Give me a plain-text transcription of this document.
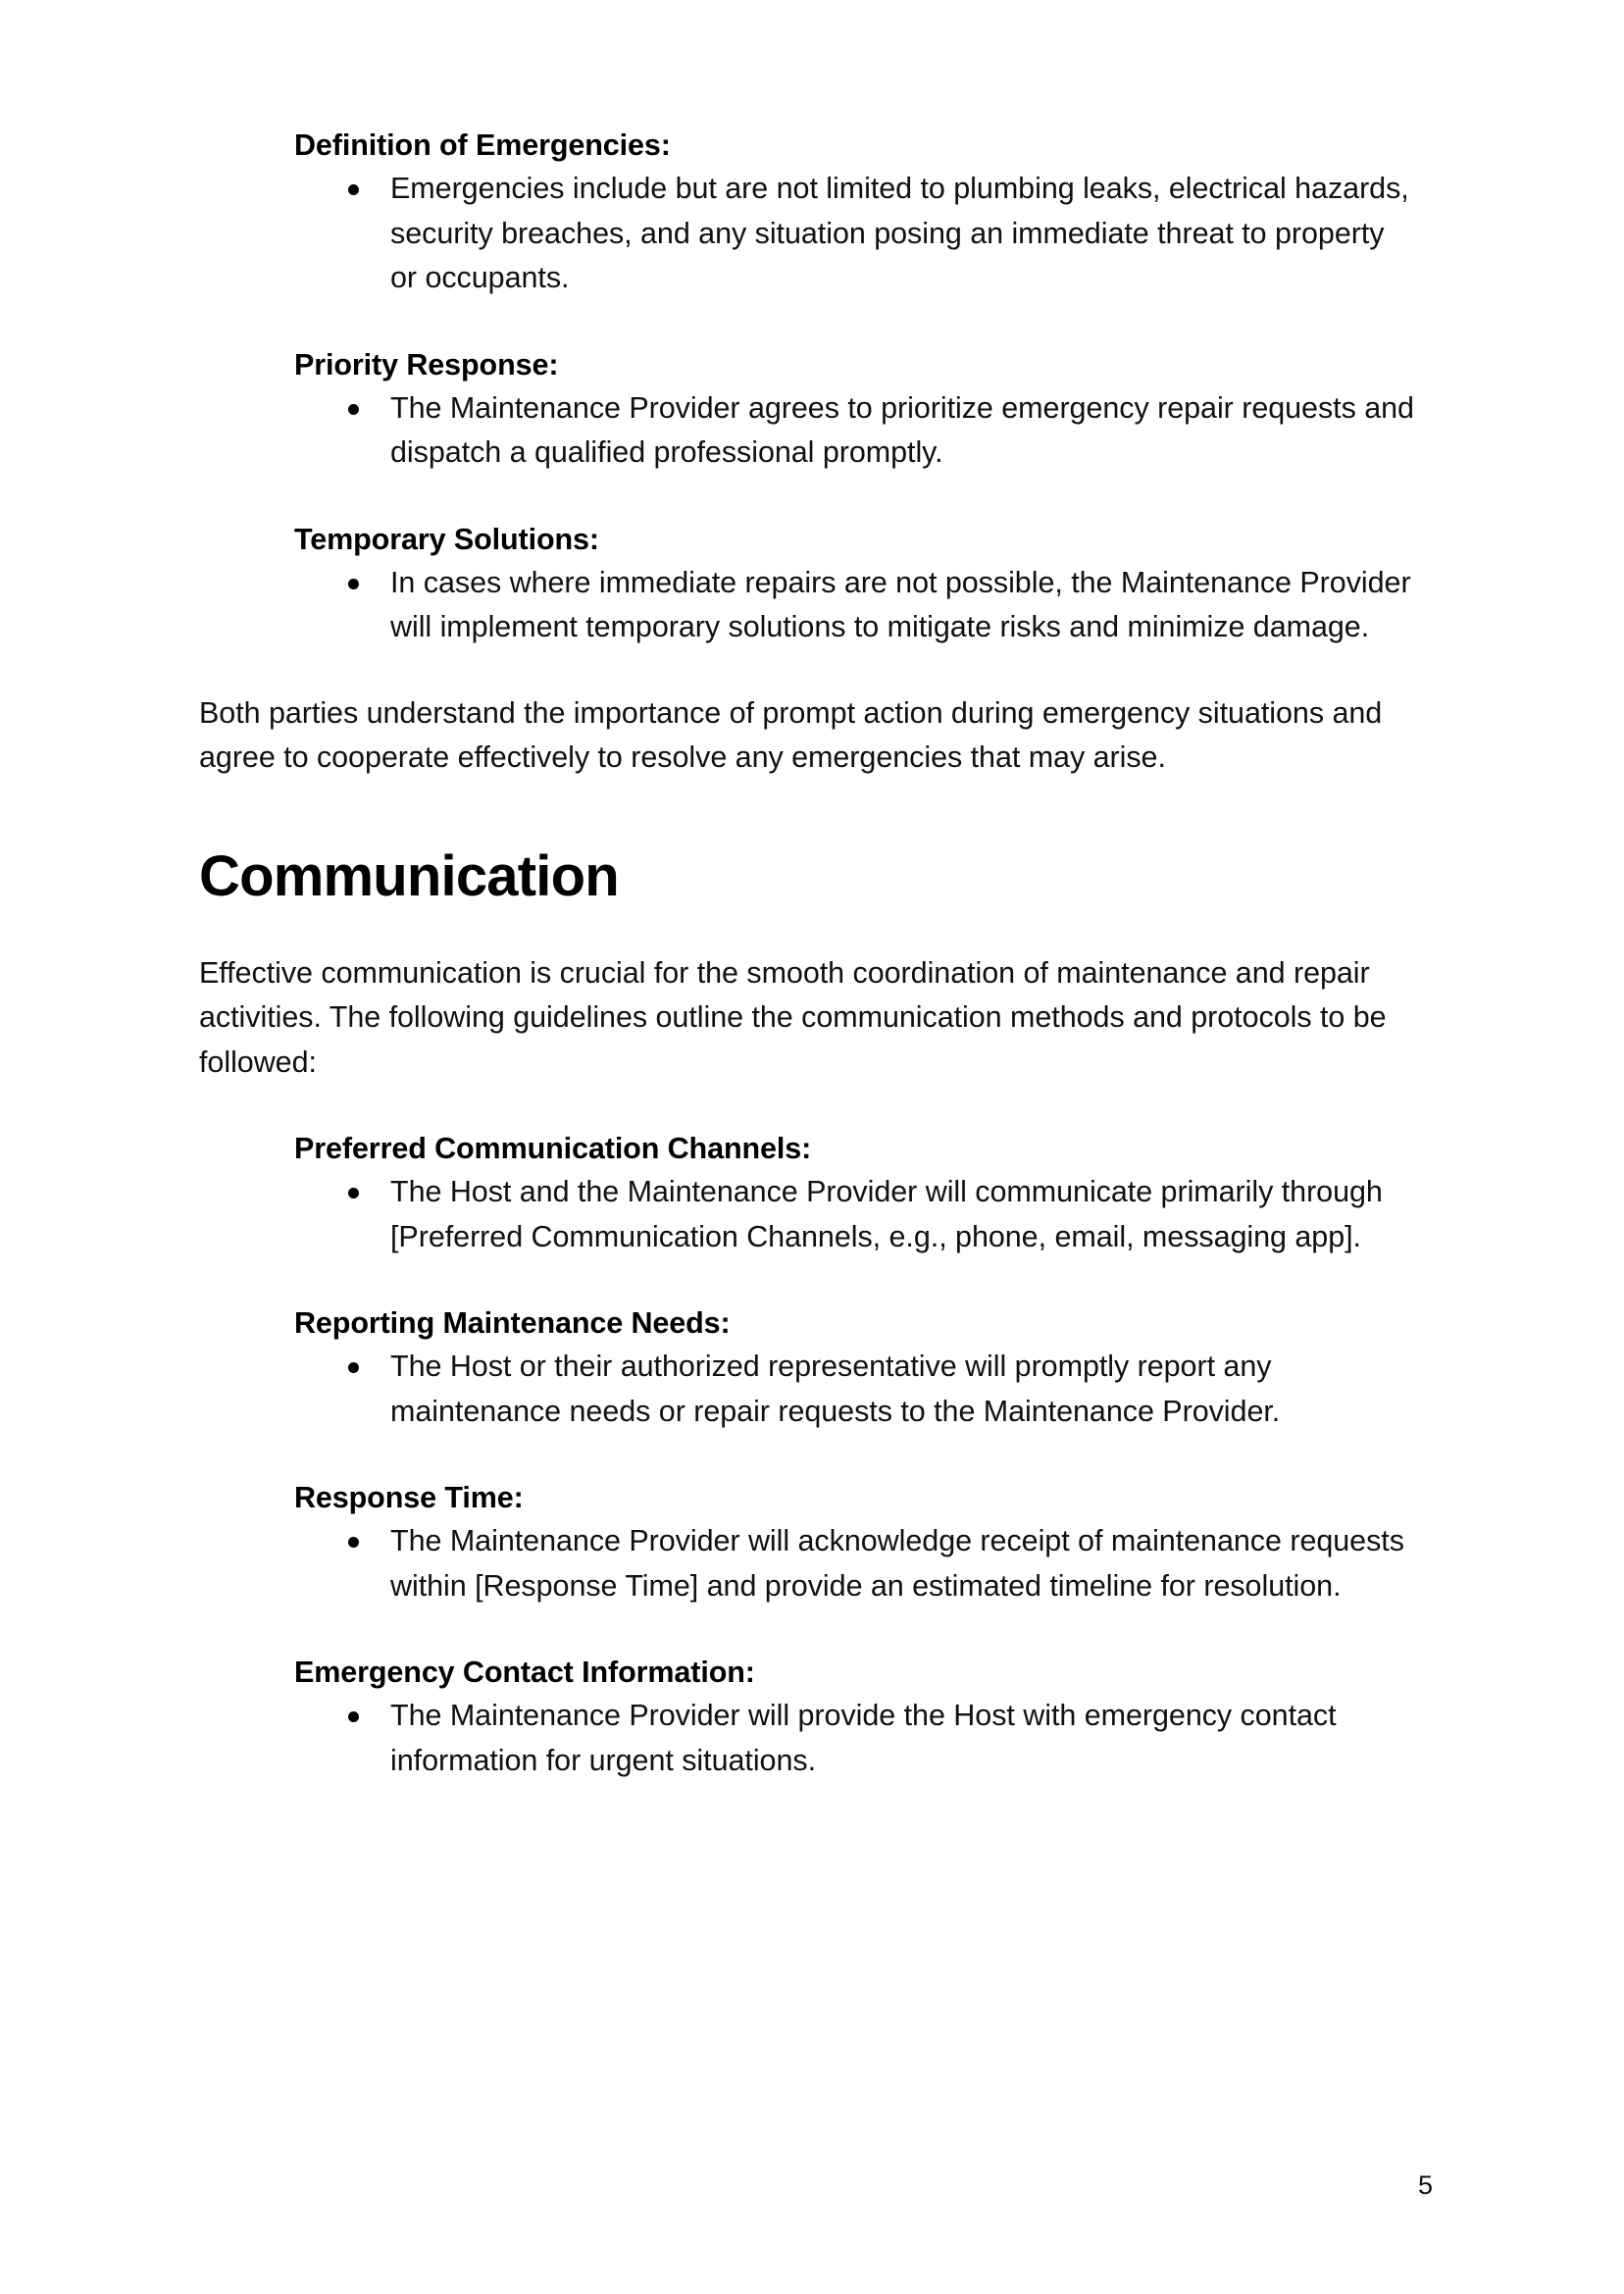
Definition of Emergencies:
Emergencies include but are not limited to plumbing leaks, electrical hazards, security breaches, and any situation posing an immediate threat to property or occupants.
Priority Response:
The Maintenance Provider agrees to prioritize emergency repair requests and dispatch a qualified professional promptly.
Temporary Solutions:
In cases where immediate repairs are not possible, the Maintenance Provider will implement temporary solutions to mitigate risks and minimize damage.

Both parties understand the importance of prompt action during emergency situations and agree to cooperate effectively to resolve any emergencies that may arise.

Communication

Effective communication is crucial for the smooth coordination of maintenance and repair activities. The following guidelines outline the communication methods and protocols to be followed:

Preferred Communication Channels:
The Host and the Maintenance Provider will communicate primarily through [Preferred Communication Channels, e.g., phone, email, messaging app].
Reporting Maintenance Needs:
The Host or their authorized representative will promptly report any maintenance needs or repair requests to the Maintenance Provider.
Response Time:
The Maintenance Provider will acknowledge receipt of maintenance requests within [Response Time] and provide an estimated timeline for resolution.
Emergency Contact Information:
The Maintenance Provider will provide the Host with emergency contact information for urgent situations.
5
